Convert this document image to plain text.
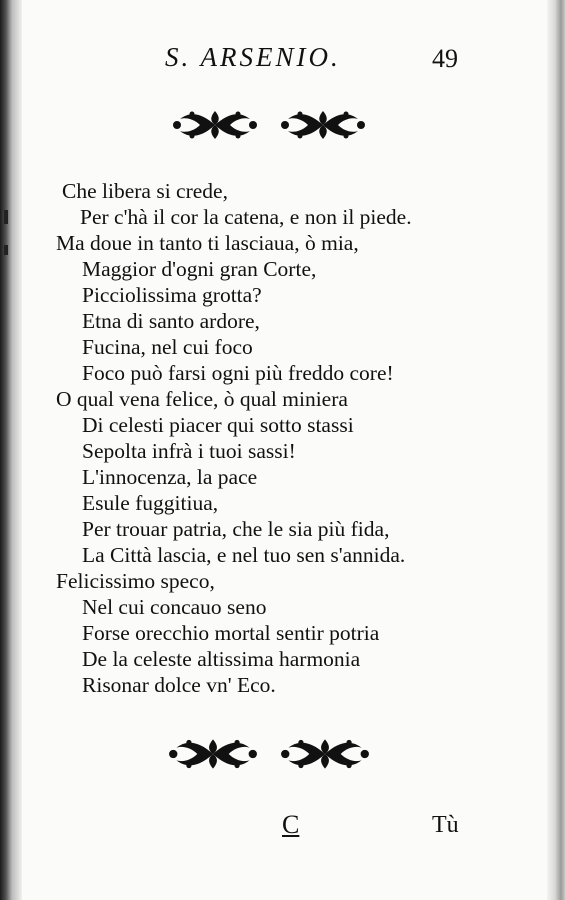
S. ARSENIO.	49
Che libera si crede,
Per c'hà il cor la catena, e non il piede.
Ma doue in tanto ti lasciaua, ò mia,
Maggior d'ogni gran Corte,
Picciolissima grotta?
Etna di santo ardore,
Fucina, nel cui foco
Foco può farsi ogni più freddo core!
O qual vena felice, ò qual miniera
Di celesti piacer qui sotto stassi
Sepolta infrà i tuoi sassi!
L'innocenza, la pace
Esule fuggitiua,
Per trouar patria, che le sia più fida,
La Città lascia, e nel tuo sen s'annida.
Felicissimo speco,
Nel cui concauo seno
Forse orecchio mortal sentir potria
De la celeste altissima harmonia
Risonar dolce vn' Eco.
C	Tù
